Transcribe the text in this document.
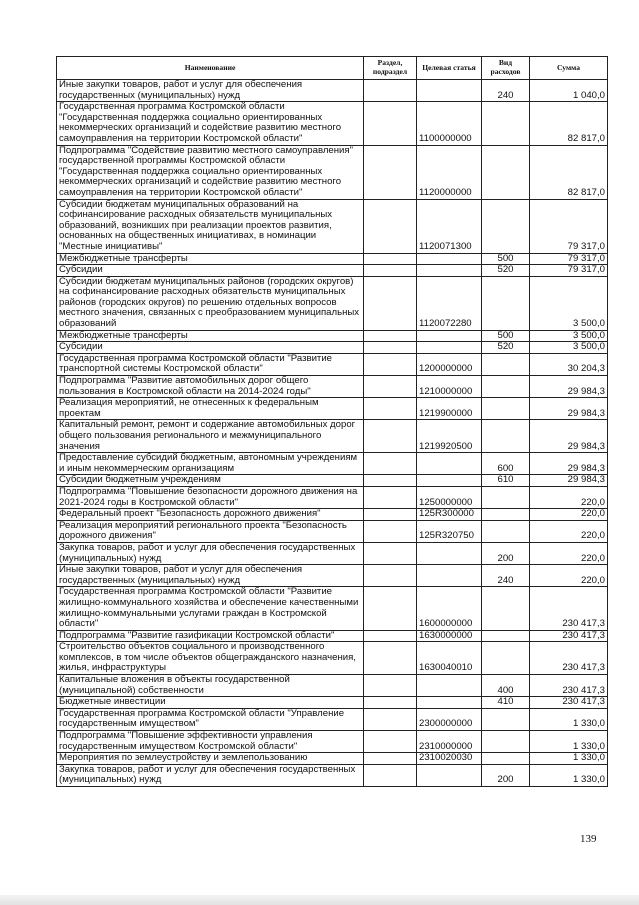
Наименование	Раздел, подраздел	Целевая статья	Вид расходов	Сумма
Иные закупки товаров, работ и услуг для обеспечения государственных (муниципальных) нужд			240	1 040,0
Государственная программа Костромской области "Государственная поддержка социально ориентированных некоммерческих организаций и содействие развитию местного самоуправления на территории Костромской области"		1100000000		82 817,0
Подпрограмма "Содействие развитию местного самоуправления" государственной программы Костромской области "Государственная поддержка социально ориентированных некоммерческих организаций и содействие развитию местного самоуправления на территории Костромской области"		1120000000		82 817,0
Субсидии бюджетам муниципальных образований на софинансирование расходных обязательств муниципальных образований, возникших при реализации проектов развития, основанных на общественных инициативах, в номинации "Местные инициативы"		1120071300		79 317,0
Межбюджетные трансферты			500	79 317,0
Субсидии			520	79 317,0
Субсидии бюджетам муниципальных районов (городских округов) на софинансирование расходных обязательств муниципальных районов (городских округов) по решению отдельных вопросов местного значения, связанных с преобразованием муниципальных образований		1120072280		3 500,0
Межбюджетные трансферты			500	3 500,0
Субсидии			520	3 500,0
Государственная программа Костромской области "Развитие транспортной системы Костромской области"		1200000000		30 204,3
Подпрограмма "Развитие автомобильных дорог общего пользования в Костромской области на 2014-2024 годы"		1210000000		29 984,3
Реализация мероприятий, не отнесенных к федеральным проектам		1219900000		29 984,3
Капитальный ремонт, ремонт и содержание автомобильных дорог общего пользования регионального и межмуниципального значения		1219920500		29 984,3
Предоставление субсидий бюджетным, автономным учреждениям и иным некоммерческим организациям			600	29 984,3
Субсидии бюджетным учреждениям			610	29 984,3
Подпрограмма "Повышение безопасности дорожного движения на 2021-2024 годы в Костромской области"		1250000000		220,0
Федеральный проект "Безопасность дорожного движения"		125R300000		220,0
Реализация мероприятий регионального проекта "Безопасность дорожного движения"		125R320750		220,0
Закупка товаров, работ и услуг для обеспечения государственных (муниципальных) нужд			200	220,0
Иные закупки товаров, работ и услуг для обеспечения государственных (муниципальных) нужд			240	220,0
Государственная программа Костромской области "Развитие жилищно-коммунального хозяйства и обеспечение качественными жилищно-коммунальными услугами граждан в Костромской области"		1600000000		230 417,3
Подпрограмма "Развитие газификации Костромской области"		1630000000		230 417,3
Строительство объектов социального и производственного комплексов, в том числе объектов общегражданского назначения, жилья, инфраструктуры		1630040010		230 417,3
Капитальные вложения в объекты государственной (муниципальной) собственности			400	230 417,3
Бюджетные инвестиции			410	230 417,3
Государственная программа Костромской области "Управление государственным имуществом"		2300000000		1 330,0
Подпрограмма "Повышение эффективности управления государственным имуществом Костромской области"		2310000000		1 330,0
Мероприятия по землеустройству и землепользованию		2310020030		1 330,0
Закупка товаров, работ и услуг для обеспечения государственных (муниципальных) нужд			200	1 330,0
139
